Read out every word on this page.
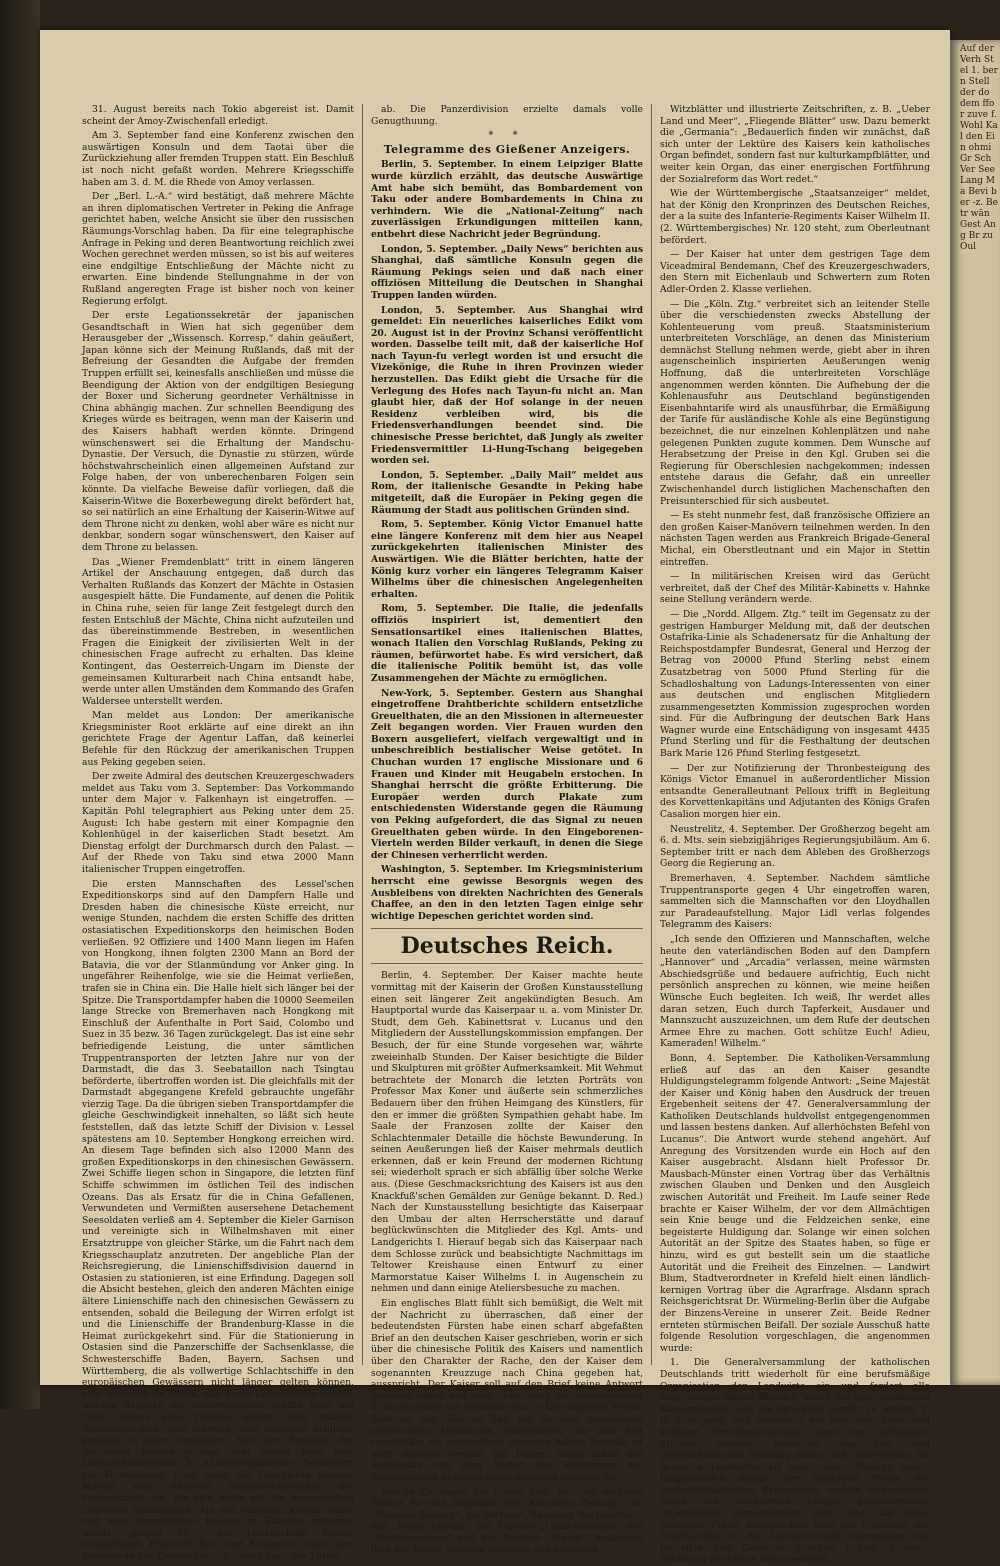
31. August bereits nach Tokio abgereist ist. Damit scheint der Amoy-Zwischenfall erledigt.

Am 3. September fand eine Konferenz zwischen den auswärtigen Konsuln und dem Taotai über die Zurückziehung aller fremden Truppen statt. Ein Beschluß ist noch nicht gefaßt worden. Mehrere Kriegsschiffe haben am 3. d. M. die Rhede von Amoy verlassen.

Der „Berl. L.-A.“ wird bestätigt, daß mehrere Mächte an ihren diplomatischen Vertreter in Peking die Anfrage gerichtet haben, welche Ansicht sie über den russischen Räumungs-Vorschlag haben. Da für eine telegraphische Anfrage in Peking und deren Beantwortung reichlich zwei Wochen gerechnet werden müssen, so ist bis auf weiteres eine endgiltige Entschließung der Mächte nicht zu erwarten. Eine bindende Stellungnahme in der von Rußland angeregten Frage ist bisher noch von keiner Regierung erfolgt.

Der erste Legationssekretär der japanischen Gesandtschaft in Wien hat sich gegenüber dem Herausgeber der „Wissensch. Korresp.“ dahin geäußert, Japan könne sich der Meinung Rußlands, daß mit der Befreiung der Gesandten die Aufgabe der fremden Truppen erfüllt sei, keinesfalls anschließen und müsse die Beendigung der Aktion von der endgiltigen Besiegung der Boxer und Sicherung geordneter Verhältnisse in China abhängig machen. Zur schnellen Beendigung des Krieges würde es beitragen, wenn man der Kaiserin und des Kaisers habhaft werden könnte. Dringend wünschenswert sei die Erhaltung der Mandschu-Dynastie. Der Versuch, die Dynastie zu stürzen, würde höchstwahrscheinlich einen allgemeinen Aufstand zur Folge haben, der von unberechenbaren Folgen sein könnte. Da vielfache Beweise dafür vorliegen, daß die Kaiserin-Witwe die Boxerbewegung direkt befördert hat, so sei natürlich an eine Erhaltung der Kaiserin-Witwe auf dem Throne nicht zu denken, wohl aber wäre es nicht nur denkbar, sondern sogar wünschenswert, den Kaiser auf dem Throne zu belassen.

Das „Wiener Fremdenblatt“ tritt in einem längeren Artikel der Anschauung entgegen, daß durch das Verhalten Rußlands das Konzert der Mächte in Ostasien ausgespielt hätte. Die Fundamente, auf denen die Politik in China ruhe, seien für lange Zeit festgelegt durch den festen Entschluß der Mächte, China nicht aufzuteilen und das übereinstimmende Bestreben, in wesentlichen Fragen die Einigkeit der zivilisierten Welt in der chinesischen Frage aufrecht zu erhalten. Das kleine Kontingent, das Oesterreich-Ungarn im Dienste der gemeinsamen Kulturarbeit nach China entsandt habe, werde unter allen Umständen dem Kommando des Grafen Waldersee unterstellt werden.

Man meldet aus London: Der amerikanische Kriegsminister Root erklärte auf eine direkt an ihn gerichtete Frage der Agentur Laffan, daß keinerlei Befehle für den Rückzug der amerikanischen Truppen aus Peking gegeben seien.

Der zweite Admiral des deutschen Kreuzergeschwaders meldet aus Taku vom 3. September: Das Vorkommando unter dem Major v. Falkenhayn ist eingetroffen. — Kapitän Pohl telegraphiert aus Peking unter dem 25. August: Ich habe gestern mit einer Kompagnie den Kohlenhügel in der kaiserlichen Stadt besetzt. Am Dienstag erfolgt der Durchmarsch durch den Palast. — Auf der Rhede von Taku sind etwa 2000 Mann italienischer Truppen eingetroffen.

Die ersten Mannschaften des Lessel'schen Expeditionskorps sind auf den Dampfern Halle und Dresden haben die chinesische Küste erreicht, nur wenige Stunden, nachdem die ersten Schiffe des dritten ostasiatischen Expeditionskorps den heimischen Boden verließen. 92 Offiziere und 1400 Mann liegen im Hafen von Hongkong, ihnen folgten 2300 Mann an Bord der Batavia, die vor der Stlanmündung vor Anker ging. In ungefährer Reihenfolge, wie sie die Heimat verließen, trafen sie in China ein. Die Halle hielt sich länger bei der Spitze. Die Transportdampfer haben die 10000 Seemeilen lange Strecke von Bremerhaven nach Hongkong mit Einschluß der Aufenthalte in Port Said, Colombo und Suez in 35 bezw. 36 Tagen zurückgelegt. Das ist eine sehr befriedigende Leistung, die unter sämtlichen Truppentransporten der letzten Jahre nur von der Darmstadt, die das 3. Seebataillon nach Tsingtau beförderte, übertroffen worden ist. Die gleichfalls mit der Darmstadt abgegangene Krefeld gebrauchte ungefähr vierzig Tage. Da die übrigen sieben Transportdampfer die gleiche Geschwindigkeit innehalten, so läßt sich heute feststellen, daß das letzte Schiff der Division v. Lessel spätestens am 10. September Hongkong erreichen wird. An diesem Tage befinden sich also 12000 Mann des großen Expeditionskorps in den chinesischen Gewässern. Zwei Schiffe liegen schon in Singapore, die letzten fünf Schiffe schwimmen im östlichen Teil des indischen Ozeans. Das als Ersatz für die in China Gefallenen, Verwundeten und Vermißten ausersehene Detachement Seesoldaten verließ am 4. September die Kieler Garnison und vereinigte sich in Wilhelmshaven mit einer Ersatztruppe von gleicher Stärke, um die Fahrt nach dem Kriegsschauplatz anzutreten. Der angebliche Plan der Reichsregierung, die Linienschiffsdivision dauernd in Ostasien zu stationieren, ist eine Erfindung. Dagegen soll die Absicht bestehen, gleich den anderen Mächten einige ältere Linienschiffe nach den chinesischen Gewässern zu entsenden, sobald die Beilegung der Wirren erfolgt ist und die Linienschiffe der Brandenburg-Klasse in die Heimat zurückgekehrt sind. Für die Stationierung in Ostasien sind die Panzerschiffe der Sachsenklasse, die Schwesterschiffe Baden, Bayern, Sachsen und Württemberg, die als vollwertige Schlachtschiffe in den europäischen Gewässern nicht länger gelten können, sehr geeignet. In China, das keine Linienschiffe besitzt, werden dagegen die modernisierten Schiffe noch auf Jahre hinaus gute Dienste leisten. Ihre mäßige Geschwindigkeit, ihre schwere, aber veraltete Artillerie genügen in jenen Gewässern. Seit dem Bestehen der deutschen Marine gelangt zum ersten Male eine Linienschiffsdivision in außereuropäischen Gewässern zur Verwendung. Doch weist die Geschichte unserer Marine eine ähnliche Auslandsexpedition der Panzerschiffe auf, die sich indes auf die europäischen Gewässer beschränkte. Als der deutsche Konsul Abbot und sein französischer Kollege in Saloniki ermordet wurde, gingen 1876 die Linienschiffe Kaiser, Deutschland, Friedrich Karl und Kronprinz unter dem Kommando des Kontreadmirals Batsch nach der Türkei

ab. Die Panzerdivision erzielte damals volle Genugthuung.

* *
Telegramme des Gießener Anzeigers.

Berlin, 5. September. In einem Leipziger Blatte wurde kürzlich erzählt, das deutsche Auswärtige Amt habe sich bemüht, das Bombardement von Taku oder andere Bombardements in China zu verhindern. Wie die „National-Zeitung“ nach zuverlässigen Erkundigungen mitteilen kann, entbehrt diese Nachricht jeder Begründung.

London, 5. September. „Daily News“ berichten aus Shanghai, daß sämtliche Konsuln gegen die Räumung Pekings seien und daß nach einer offiziösen Mitteilung die Deutschen in Shanghai Truppen landen würden.

London, 5. September. Aus Shanghai wird gemeldet: Ein neuerliches kaiserliches Edikt vom 20. August ist in der Provinz Schansi veröffentlicht worden. Dasselbe teilt mit, daß der kaiserliche Hof nach Tayun-fu verlegt worden ist und ersucht die Vizekönige, die Ruhe in ihren Provinzen wieder herzustellen. Das Edikt giebt die Ursache für die Verlegung des Hofes nach Tayun-fu nicht an. Man glaubt hier, daß der Hof solange in der neuen Residenz verbleiben wird, bis die Friedensverhandlungen beendet sind. Die chinesische Presse berichtet, daß Jungly als zweiter Friedensvermittler Li-Hung-Tschang beigegeben worden sei.

London, 5. September. „Daily Mail“ meldet aus Rom, der italienische Gesandte in Peking habe mitgeteilt, daß die Europäer in Peking gegen die Räumung der Stadt aus politischen Gründen sind.

Rom, 5. September. König Victor Emanuel hatte eine längere Konferenz mit dem hier aus Neapel zurückgekehrten italienischen Minister des Auswärtigen. Wie die Blätter berichten, hatte der König kurz vorher ein längeres Telegramm Kaiser Wilhelms über die chinesischen Angelegenheiten erhalten.

Rom, 5. September. Die Italie, die jedenfalls offiziös inspiriert ist, dementiert den Sensationsartikel eines italienischen Blattes, wonach Italien den Vorschlag Rußlands, Peking zu räumen, befürwortet habe. Es wird versichert, daß die italienische Politik bemüht ist, das volle Zusammengehen der Mächte zu ermöglichen.

New-York, 5. September. Gestern aus Shanghai eingetroffene Drahtberichte schildern entsetzliche Greuelthaten, die an den Missionen in alterneuester Zeit begangen worden. Vier Frauen wurden den Boxern ausgeliefert, vielfach vergewaltigt und in unbeschreiblich bestialischer Weise getötet. In Chuchan wurden 17 englische Missionare und 6 Frauen und Kinder mit Heugabeln erstochen. In Shanghai herrscht die größte Erbitterung. Die Europäer werden durch Plakate zum entschiedensten Widerstande gegen die Räumung von Peking aufgefordert, die das Signal zu neuen Greuelthaten geben würde. In den Eingeborenen-Vierteln werden Bilder verkauft, in denen die Siege der Chinesen verherrlicht werden.

Washington, 5. September. Im Kriegsministerium herrscht eine gewisse Besorgnis wegen des Ausbleibens von direkten Nachrichten des Generals Chaffee, an den in den letzten Tagen einige sehr wichtige Depeschen gerichtet worden sind.

Deutsches Reich.

Berlin, 4. September. Der Kaiser machte heute vormittag mit der Kaiserin der Großen Kunstausstellung einen seit längerer Zeit angekündigten Besuch. Am Hauptportal wurde das Kaiserpaar u. a. vom Minister Dr. Studt, dem Geh. Kabinettsrat v. Lucanus und den Mitgliedern der Ausstellungskommission empfangen. Der Besuch, der für eine Stunde vorgesehen war, währte zweieinhalb Stunden. Der Kaiser besichtigte die Bilder und Skulpturen mit größter Aufmerksamkeit. Mit Wehmut betrachtete der Monarch die letzten Porträts von Professor Max Koner und äußerte sein schmerzliches Bedauern über den frühen Heimgang des Künstlers, für den er immer die größten Sympathien gehabt habe. Im Saale der Franzosen zollte der Kaiser den Schlachtenmaler Detaille die höchste Bewunderung. In seinen Aeußerungen ließ der Kaiser mehrmals deutlich erkennen, daß er kein Freund der modernen Richtung sei; wiederholt sprach er sich abfällig über solche Werke aus. (Diese Geschmacksrichtung des Kaisers ist aus den Knackfuß'schen Gemälden zur Genüge bekannt. D. Red.) Nach der Kunstausstellung besichtigte das Kaiserpaar den Umbau der alten Herrscherstätte und darauf beglückwünschten die Mitglieder des Kgl. Amts- und Landgerichts I. Hierauf begab sich das Kaiserpaar nach dem Schlosse zurück und beabsichtigte Nachmittags im Teltower Kreishause einen Entwurf zu einer Marmorstatue Kaiser Wilhelms I. in Augenschein zu nehmen und dann einige Ateliersbesuche zu machen.

Ein englisches Blatt fühlt sich bemüßigt, die Welt mit der Nachricht zu überraschen, daß einer der bedeutendsten Fürsten habe einen scharf abgefaßten Brief an den deutschen Kaiser geschrieben, worin er sich über die chinesische Politik des Kaisers und namentlich über den Charakter der Rache, den der Kaiser dem sogenannten Kreuzzuge nach China gegeben hat, ausspricht. Der Kaiser soll auf den Brief keine Antwort gegeben haben und jede Erwähnung der Angelegenheit in Deutschland soll verboten sein. — Die englische Presse liebt es, von Zeit zu Zeit mit derartig sensationell zugestutzten Meldungen aufzuwarten, die sich fast regelmäßig als unzutreffend erwiesen haben. Deshalb ist auch diesmal Vorsicht am Platze, zumal schon der Schlußsatz von dem Verbot der Erörterung der Angelegenheit in Deutschland geradezu unsinnig ist.

Welche Zeitungen der Kaiser liest, erzählen mehrere Blätter. Es sind angeblich: Die „Kölnische Zeitung“, die „National-Zeitung“, die Berliner „Neuesten Nachrichten“, das „Kleine Journal“, der Berliner „Lokal-Anzeiger“, der „Reichsanzeiger“ und der Berliner „Signal“. Außerdem liest der Kaiser mehrere deutsche und englische

Witzblätter und illustrierte Zeitschriften, z. B. „Ueber Land und Meer“, „Fliegende Blätter“ usw. Dazu bemerkt die „Germania“: „Bedauerlich finden wir zunächst, daß sich unter der Lektüre des Kaisers kein katholisches Organ befindet, sondern fast nur kulturkampfblätter, und weiter kein Organ, das einer energischen Fortführung der Sozialreform das Wort redet.“

Wie der Württembergische „Staatsanzeiger“ meldet, hat der König den Kronprinzen des Deutschen Reiches, der a la suite des Infanterie-Regiments Kaiser Wilhelm II. (2. Württembergisches) Nr. 120 steht, zum Oberleutnant befördert.

— Der Kaiser hat unter dem gestrigen Tage dem Viceadmiral Bendemann, Chef des Kreuzergeschwaders, den Stern mit Eichenlaub und Schwertern zum Roten Adler-Orden 2. Klasse verliehen.

— Die „Köln. Ztg.“ verbreitet sich an leitender Stelle über die verschiedensten zwecks Abstellung der Kohlenteuerung vom preuß. Staatsministerium unterbreiteten Vorschläge, an denen das Ministerium demnächst Stellung nehmen werde, giebt aber in ihren augenscheinlich inspirierten Aeußerungen wenig Hoffnung, daß die unterbreiteten Vorschläge angenommen werden könnten. Die Aufhebung der die Kohlenausfuhr aus Deutschland begünstigenden Eisenbahntarife wird als unausführbar, die Ermäßigung der Tarife für ausländische Kohle als eine Begünstigung bezeichnet, die nur einzelnen Kohlenplätzen und nahe gelegenen Punkten zugute kommen. Dem Wunsche auf Herabsetzung der Preise in den Kgl. Gruben sei die Regierung für Oberschlesien nachgekommen; indessen entstehe daraus die Gefahr, daß ein unreeller Zwischenhandel durch listiglichen Machenschaften den Preisunterschied für sich ausbeutet.

— Es steht nunmehr fest, daß französische Offiziere an den großen Kaiser-Manövern teilnehmen werden. In den nächsten Tagen werden aus Frankreich Brigade-General Michal, ein Oberstleutnant und ein Major in Stettin eintreffen.

— In militärischen Kreisen wird das Gerücht verbreitet, daß der Chef des Militär-Kabinetts v. Hahnke seine Stellung verändern werde.

— Die „Nordd. Allgem. Ztg.“ teilt im Gegensatz zu der gestrigen Hamburger Meldung mit, daß der deutschen Ostafrika-Linie als Schadenersatz für die Anhaltung der Reichspostdampfer Bundesrat, General und Herzog der Betrag von 20000 Pfund Sterling nebst einem Zusatzbetrag von 5000 Pfund Sterling für die Schadloshaltung von Ladungs-Interessenten von einer aus deutschen und englischen Mitgliedern zusammengesetzten Kommission zugesprochen worden sind. Für die Aufbringung der deutschen Bark Hans Wagner wurde eine Entschädigung von insgesamt 4435 Pfund Sterling und für die Festhaltung der deutschen Bark Marie 126 Pfund Sterling festgesetzt.

— Der zur Notifizierung der Thronbesteigung des Königs Victor Emanuel in außerordentlicher Mission entsandte Generalleutnant Pelloux trifft in Begleitung des Korvettenkapitäns und Adjutanten des Königs Grafen Casalion morgen hier ein.

Neustrelitz, 4. September. Der Großherzog begeht am 6. d. Mts. sein siebzigjähriges Regierungsjubiläum. Am 6. September tritt er nach dem Ableben des Großherzogs Georg die Regierung an.

Bremerhaven, 4. September. Nachdem sämtliche Truppentransporte gegen 4 Uhr eingetroffen waren, sammelten sich die Mannschaften vor den Lloydhallen zur Paradeaufstellung. Major Lidl verlas folgendes Telegramm des Kaisers:

„Ich sende den Offizieren und Mannschaften, welche heute den vaterländischen Boden auf den Dampfern „Hannover“ und „Arcadia“ verlassen, meine wärmsten Abschiedsgrüße und bedauere aufrichtig, Euch nicht persönlich ansprechen zu können, wie meine heißen Wünsche Euch begleiten. Ich weiß, Ihr werdet alles daran setzen, Euch durch Tapferkeit, Ausdauer und Mannszucht auszuzeichnen, um dem Rufe der deutschen Armee Ehre zu machen. Gott schütze Euch! Adieu, Kameraden! Wilhelm.“

Bonn, 4. September. Die Katholiken-Versammlung erließ auf das an den Kaiser gesandte Huldigungstelegramm folgende Antwort: „Seine Majestät der Kaiser und König haben den Ausdruck der treuen Ergebenheit seitens der 47. Generalversammlung der Katholiken Deutschlands huldvollst entgegengenommen und lassen bestens danken. Auf allerhöchsten Befehl von Lucanus“. Die Antwort wurde stehend angehört. Auf Anregung des Vorsitzenden wurde ein Hoch auf den Kaiser ausgebracht. Alsdann hielt Professor Dr. Mausbach-Münster einen Vortrag über das Verhältnis zwischen Glauben und Denken und den Ausgleich zwischen Autorität und Freiheit. Im Laufe seiner Rede brachte er Kaiser Wilhelm, der vor dem Allmächtigen sein Knie beuge und die Feldzeichen senke, eine begeisterte Huldigung dar. Solange wir einen solchen Autorität an der Spitze des Staates haben, so füge er hinzu, wird es gut bestellt sein um die staatliche Autorität und die Freiheit des Einzelnen. — Landwirt Blum, Stadtverordneter in Krefeld hielt einen ländlich-kernigen Vortrag über die Agrarfrage. Alsdann sprach Reichsgerichtsrat Dr. Würmeling-Berlin über die Aufgabe der Binzens-Vereine in unserer Zeit. Beide Redner ernteten stürmischen Beifall. Der soziale Ausschuß hatte folgende Resolution vorgeschlagen, die angenommen wurde:

1. Die Generalversammlung der katholischen Deutschlands tritt wiederholt für eine berufsmäßige Organisation der Landwirte ein und fordert alle Angehörigen dieses Standes, sowie die gesetzgebenden Körperschaften auf, nachdrücklich hierfür zu wirken. 2. In Erwägung, daß einerseits ein leistungsfähiger und kräftiger Grundbesitzerstand einer der wichtigsten Stützen unserer gesamten staatlichen und gesellschaftlichen Ordnung bildet, daß andererseits die deutsche Landwirtschaft unter einer Notlage leidet, hauptsächlich infolge der niedrigen Preise der landwirtschaftlichen Erzeugnisse, welche vorzugsweise durch die Konkurrenz billiger produzierender Importländer hervorgerufen sind, und daß diese niedrigen Preise insbesondere eine zur Erhaltung der Arbeitskräfte in der Landwirtschaft notwendige, mit Industrie und Gewerbe gleichen Schritt haltende Erhöhung der Löhne nicht gestattet,

Auf der Verh Stel 1. bern Stell der do dem ffor zuve f. Wohl Kal den Ein ohmi Gr Sch Ver See Lang Ma Bevi ber -z. Betr wän Gest Ang Br zu Oul
